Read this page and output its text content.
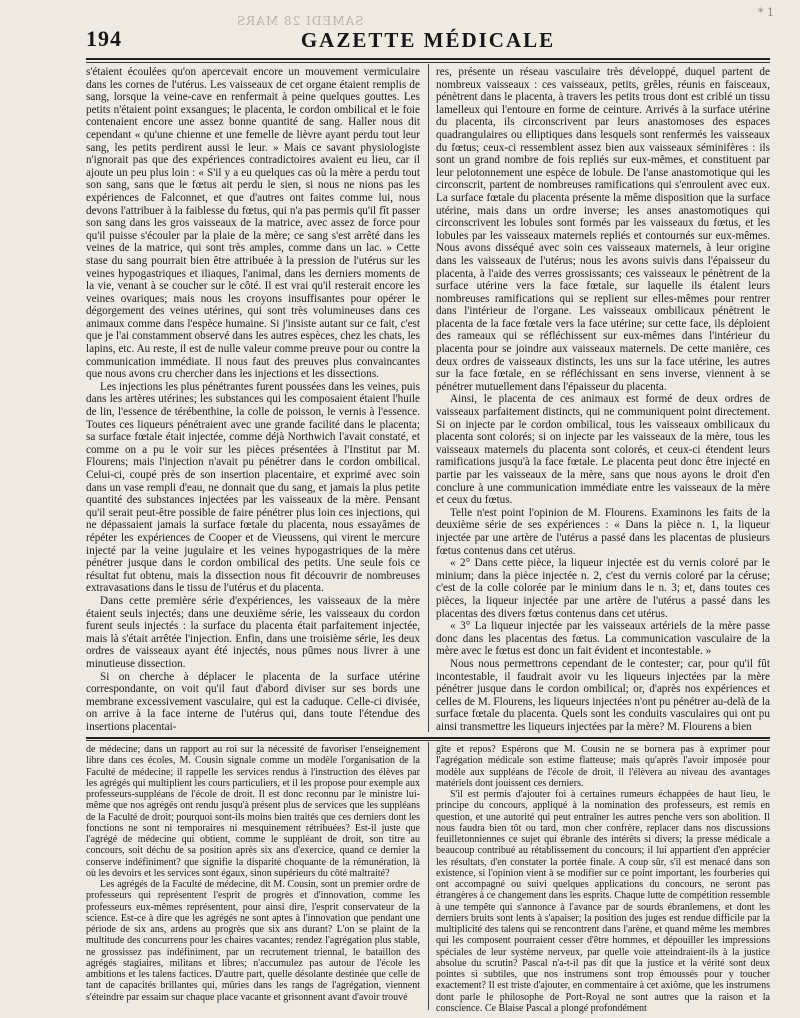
SAMEDI 28 MARS
194	GAZETTE MÉDICALE
* 1

s'étaient écoulées qu'on apercevait encore un mouvement vermiculaire dans les cornes de l'utérus. Les vaisseaux de cet organe étaient remplis de sang, lorsque la veine-cave en renfermait à peine quelques gouttes. Les petits n'étaient point exsangues; le placenta, le cordon ombilical et le foie contenaient encore une assez bonne quantité de sang. Haller nous dit cependant « qu'une chienne et une femelle de lièvre ayant perdu tout leur sang, les petits perdirent aussi le leur. » Mais ce savant physiologiste n'ignorait pas que des expériences contradictoires avaient eu lieu, car il ajoute un peu plus loin : « S'il y a eu quelques cas où la mère a perdu tout son sang, sans que le fœtus ait perdu le sien, si nous ne nions pas les expériences de Falconnet, et que d'autres ont faites comme lui, nous devons l'attribuer à la faiblesse du fœtus, qui n'a pas permis qu'il fît passer son sang dans les gros vaisseaux de la matrice, avec assez de force pour qu'il puisse s'écouler par la plaie de la mère; ce sang s'est arrêté dans les veines de la matrice, qui sont très amples, comme dans un lac. » Cette stase du sang pourrait bien être attribuée à la pression de l'utérus sur les veines hypogastriques et iliaques, l'animal, dans les derniers moments de la vie, venant à se coucher sur le côté. Il est vrai qu'il resterait encore les veines ovariques; mais nous les croyons insuffisantes pour opérer le dégorgement des veines utérines, qui sont très volumineuses dans ces animaux comme dans l'espèce humaine. Si j'insiste autant sur ce fait, c'est que je l'ai constamment observé dans les autres espèces, chez les chats, les lapins, etc. Au reste, il est de nulle valeur comme preuve pour ou contre la communication immédiate. Il nous faut des preuves plus convaincantes que nous avons cru chercher dans les injections et les dissections.

Les injections les plus pénétrantes furent poussées dans les veines, puis dans les artères utérines; les substances qui les composaient étaient l'huile de lin, l'essence de térébenthine, la colle de poisson, le vernis à l'essence. Toutes ces liqueurs pénétraient avec une grande facilité dans le placenta; sa surface fœtale était injectée, comme déjà Northwich l'avait constaté, et comme on a pu le voir sur les pièces présentées à l'Institut par M. Flourens; mais l'injection n'avait pu pénétrer dans le cordon ombilical. Celui-ci, coupé près de son insertion placentaire, et exprimé avec soin dans un vase rempli d'eau, ne donnait que du sang, et jamais la plus petite quantité des substances injectées par les vaisseaux de la mère. Pensant qu'il serait peut-être possible de faire pénétrer plus loin ces injections, qui ne dépassaient jamais la surface fœtale du placenta, nous essayâmes de répéter les expériences de Cooper et de Vieussens, qui virent le mercure injecté par la veine jugulaire et les veines hypogastriques de la mère pénétrer jusque dans le cordon ombilical des petits. Une seule fois ce résultat fut obtenu, mais la dissection nous fit découvrir de nombreuses extravasations dans le tissu de l'utérus et du placenta.

Dans cette première série d'expériences, les vaisseaux de la mère étaient seuls injectés; dans une deuxième série, les vaisseaux du cordon furent seuls injectés : la surface du placenta était parfaitement injectée, mais là s'était arrêtée l'injection. Enfin, dans une troisième série, les deux ordres de vaisseaux ayant été injectés, nous pûmes nous livrer à une minutieuse dissection.

Si on cherche à déplacer le placenta de la surface utérine correspondante, on voit qu'il faut d'abord diviser sur ses bords une membrane excessivement vasculaire, qui est la caduque. Celle-ci divisée, on arrive à la face interne de l'utérus qui, dans toute l'étendue des insertions placentai-

res, présente un réseau vasculaire très développé, duquel partent de nombreux vaisseaux : ces vaisseaux, petits, grêles, réunis en faisceaux, pénètrent dans le placenta, à travers les petits trous dont est criblé un tissu lamelleux qui l'entoure en forme de ceinture. Arrivés à la surface utérine du placenta, ils circonscrivent par leurs anastomoses des espaces quadrangulaires ou elliptiques dans lesquels sont renfermés les vaisseaux du fœtus; ceux-ci ressemblent assez bien aux vaisseaux séminifères : ils sont un grand nombre de fois repliés sur eux-mêmes, et constituent par leur pelotonnement une espèce de lobule. De l'anse anastomotique qui les circonscrit, partent de nombreuses ramifications qui s'enroulent avec eux. La surface fœtale du placenta présente la même disposition que la surface utérine, mais dans un ordre inverse; les anses anastomotiques qui circonscrivent les lobules sont formés par les vaisseaux du fœtus, et les lobules par les vaisseaux maternels repliés et contournés sur eux-mêmes. Nous avons disséqué avec soin ces vaisseaux maternels, à leur origine dans les vaisseaux de l'utérus; nous les avons suivis dans l'épaisseur du placenta, à l'aide des verres grossissants; ces vaisseaux le pénètrent de la surface utérine vers la face fœtale, sur laquelle ils étalent leurs nombreuses ramifications qui se replient sur elles-mêmes pour rentrer dans l'intérieur de l'organe. Les vaisseaux ombilicaux pénètrent le placenta de la face fœtale vers la face utérine; sur cette face, ils déploient des rameaux qui se réfléchissent sur eux-mêmes dans l'intérieur du placenta pour se joindre aux vaisseaux maternels. De cette manière, ces deux ordres de vaisseaux distincts, les uns sur la face utérine, les autres sur la face fœtale, en se réfléchissant en sens inverse, viennent à se pénétrer mutuellement dans l'épaisseur du placenta.

Ainsi, le placenta de ces animaux est formé de deux ordres de vaisseaux parfaitement distincts, qui ne communiquent point directement. Si on injecte par le cordon ombilical, tous les vaisseaux ombilicaux du placenta sont colorés; si on injecte par les vaisseaux de la mère, tous les vaisseaux maternels du placenta sont colorés, et ceux-ci étendent leurs ramifications jusqu'à la face fœtale. Le placenta peut donc être injecté en partie par les vaisseaux de la mère, sans que nous ayons le droit d'en conclure à une communication immédiate entre les vaisseaux de la mère et ceux du fœtus.

Telle n'est point l'opinion de M. Flourens. Examinons les faits de la deuxième série de ses expériences : « Dans la pièce n. 1, la liqueur injectée par une artère de l'utérus a passé dans les placentas de plusieurs fœtus contenus dans cet utérus.

« 2° Dans cette pièce, la liqueur injectée est du vernis coloré par le minium; dans la pièce injectée n. 2, c'est du vernis coloré par la céruse; c'est de la colle colorée par le minium dans le n. 3; et, dans toutes ces pièces, la liqueur injectée par une artère de l'utérus a passé dans les placentas des divers fœtus contenus dans cet utérus.

« 3° La liqueur injectée par les vaisseaux artériels de la mère passe donc dans les placentas des fœtus. La communication vasculaire de la mère avec le fœtus est donc un fait évident et incontestable. »

Nous nous permettrons cependant de le contester; car, pour qu'il fût incontestable, il faudrait avoir vu les liqueurs injectées par la mère pénétrer jusque dans le cordon ombilical; or, d'après nos expériences et celles de M. Flourens, les liqueurs injectées n'ont pu pénétrer au-delà de la surface fœtale du placenta. Quels sont les conduits vasculaires qui ont pu ainsi transmettre les liqueurs injectées par la mère? M. Flourens a bien

de médecine; dans un rapport au roi sur la nécessité de favoriser l'enseignement libre dans ces écoles, M. Cousin signale comme un modèle l'organisation de la Faculté de médecine; il rappelle les services rendus à l'instruction des élèves par les agrégés qui multiplient les cours particuliers, et il les propose pour exemple aux professeurs-suppléans de l'école de droit. Il est donc reconnu par le ministre lui-même que nos agrégés ont rendu jusqu'à présent plus de services que les suppléans de la Faculté de droit; pourquoi sont-ils moins bien traités que ces derniers dont les fonctions ne sont ni temporaires ni mesquinement rétribuées? Est-il juste que l'agrégé de médecine qui obtient, comme le suppléant de droit, son titre au concours, soit déchu de sa position après six ans d'exercice, quand ce dernier la conserve indéfiniment? que signifie la disparité choquante de la rémunération, là où les devoirs et les services sont égaux, sinon supérieurs du côté maltraité?

Les agrégés de la Faculté de médecine, dit M. Cousin, sont un premier ordre de professeurs qui représentent l'esprit de progrès et d'innovation, comme les professeurs eux-mêmes représentent, pour ainsi dire, l'esprit conservateur de la science. Est-ce à dire que les agrégés ne sont aptes à l'innovation que pendant une période de six ans, ardens au progrès que six ans durant? L'on se plaint de la multitude des concurrens pour les chaires vacantes; rendez l'agrégation plus stable, ne grossissez pas indéfiniment, par un recrutement triennal, le bataillon des agrégés stagiaires, militans et libres; n'accumulez pas autour de l'école les ambitions et les talens factices. D'autre part, quelle désolante destinée que celle de tant de capacités brillantes qui, mûries dans les rangs de l'agrégation, viennent s'éteindre par essaim sur chaque place vacante et grisonnent avant d'avoir trouvé

gîte et repos? Espérons que M. Cousin ne se bornera pas à exprimer pour l'agrégation médicale son estime flatteuse; mais qu'après l'avoir imposée pour modèle aux suppléans de l'école de droit, il l'élèvera au niveau des avantages matériels dont jouissent ces derniers.

S'il est permis d'ajouter foi à certaines rumeurs échappées de haut lieu, le principe du concours, appliqué à la nomination des professeurs, est remis en question, et une autorité qui peut entraîner les autres penche vers son abolition. Il nous faudra bien tôt ou tard, mon cher confrère, replacer dans nos discussions feuilletonniennes ce sujet qui ébranle des intérêts si divers; la presse médicale a beaucoup contribué au rétablissement du concours; il lui appartient d'en apprécier les résultats, d'en constater la portée finale. A coup sûr, s'il est menacé dans son existence, si l'opinion vient à se modifier sur ce point important, les fourberies qui ont accompagné ou suivi quelques applications du concours, ne seront pas étrangères à ce changement dans les esprits. Chaque lutte de compétition ressemble à une tempête qui s'annonce à l'avance par de sourds ébranlemens, et dont les derniers bruits sont lents à s'apaiser; la position des juges est rendue difficile par la multiplicité des talens qui se rencontrent dans l'arène, et quand même les membres qui les composent pourraient cesser d'être hommes, et dépouiller les impressions spéciales de leur système nerveux, par quelle voie atteindraient-ils à la justice absolue du scrutin? Pascal n'a-t-il pas dit que la justice et la vérité sont deux pointes si subtiles, que nos instrumens sont trop émoussés pour y toucher exactement? Il est triste d'ajouter, en commentaire à cet axiôme, que les instrumens dont parle le philosophe de Port-Royal ne sont autres que la raison et la conscience. Ce Blaise Pascal a plongé profondément
